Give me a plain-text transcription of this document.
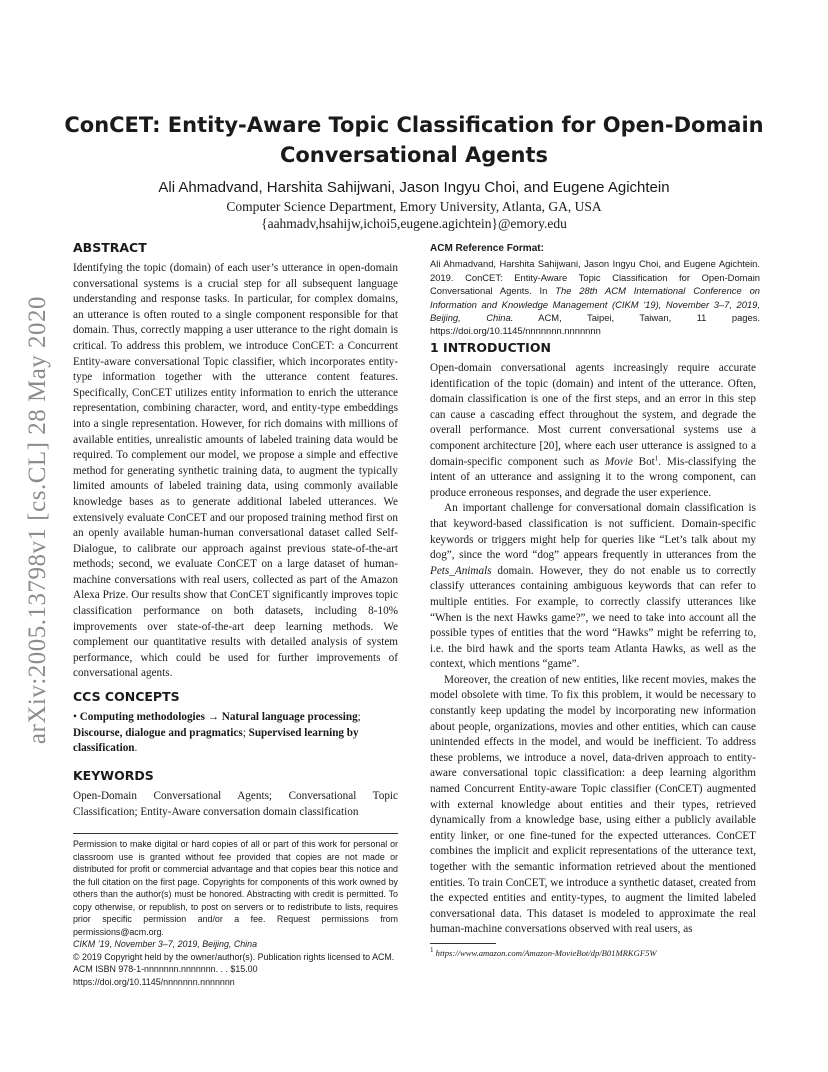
arXiv:2005.13798v1 [cs.CL] 28 May 2020
ConCET: Entity-Aware Topic Classification for Open-Domain
Conversational Agents
Ali Ahmadvand, Harshita Sahijwani, Jason Ingyu Choi, and Eugene Agichtein
Computer Science Department, Emory University, Atlanta, GA, USA
{aahmadv,hsahijw,ichoi5,eugene.agichtein}@emory.edu
ABSTRACT

Identifying the topic (domain) of each user’s utterance in open-domain conversational systems is a crucial step for all subsequent language understanding and response tasks. In particular, for complex domains, an utterance is often routed to a single component responsible for that domain. Thus, correctly mapping a user utterance to the right domain is critical. To address this problem, we introduce ConCET: a Concurrent Entity-aware conversational Topic classifier, which incorporates entity-type information together with the utterance content features. Specifically, ConCET utilizes entity information to enrich the utterance representation, combining character, word, and entity-type embeddings into a single representation. However, for rich domains with millions of available entities, unrealistic amounts of labeled training data would be required. To complement our model, we propose a simple and effective method for generating synthetic training data, to augment the typically limited amounts of labeled training data, using commonly available knowledge bases as to generate additional labeled utterances. We extensively evaluate ConCET and our proposed training method first on an openly available human-human conversational dataset called Self-Dialogue, to calibrate our approach against previous state-of-the-art methods; second, we evaluate ConCET on a large dataset of human-machine conversations with real users, collected as part of the Amazon Alexa Prize. Our results show that ConCET significantly improves topic classification performance on both datasets, including 8-10% improvements over state-of-the-art deep learning methods. We complement our quantitative results with detailed analysis of system performance, which could be used for further improvements of conversational agents.

CCS CONCEPTS

• Computing methodologies → Natural language processing; Discourse, dialogue and pragmatics; Supervised learning by classification.

KEYWORDS

Open-Domain Conversational Agents; Conversational Topic Classification; Entity-Aware conversation domain classification

Permission to make digital or hard copies of all or part of this work for personal or classroom use is granted without fee provided that copies are not made or distributed for profit or commercial advantage and that copies bear this notice and the full citation on the first page. Copyrights for components of this work owned by others than the author(s) must be honored. Abstracting with credit is permitted. To copy otherwise, or republish, to post on servers or to redistribute to lists, requires prior specific permission and/or a fee. Request permissions from permissions@acm.org.

CIKM ’19, November 3–7, 2019, Beijing, China

© 2019 Copyright held by the owner/author(s). Publication rights licensed to ACM.

ACM ISBN 978-1-nnnnnnn.nnnnnnn. . . $15.00

https://doi.org/10.1145/nnnnnnn.nnnnnnn

ACM Reference Format:

Ali Ahmadvand, Harshita Sahijwani, Jason Ingyu Choi, and Eugene Agichtein. 2019. ConCET: Entity-Aware Topic Classification for Open-Domain Conversational Agents. In The 28th ACM International Conference on Information and Knowledge Management (CIKM ’19), November 3–7, 2019, Beijing, China. ACM, Taipei, Taiwan, 11 pages. https://doi.org/10.1145/nnnnnnn.nnnnnnn

1 INTRODUCTION

Open-domain conversational agents increasingly require accurate identification of the topic (domain) and intent of the utterance. Often, domain classification is one of the first steps, and an error in this step can cause a cascading effect throughout the system, and degrade the overall performance. Most current conversational systems use a component architecture [20], where each user utterance is assigned to a domain-specific component such as Movie Bot$^1$. Mis-classifying the intent of an utterance and assigning it to the wrong component, can produce erroneous responses, and degrade the user experience.

An important challenge for conversational domain classification is that keyword-based classification is not sufficient. Domain-specific keywords or triggers might help for queries like “Let’s talk about my dog”, since the word “dog” appears frequently in utterances from the Pets_Animals domain. However, they do not enable us to correctly classify utterances containing ambiguous keywords that can refer to multiple entities. For example, to correctly classify utterances like “When is the next Hawks game?”, we need to take into account all the possible types of entities that the word “Hawks” might be referring to, i.e. the bird hawk and the sports team Atlanta Hawks, as well as the context, which mentions “game”.

Moreover, the creation of new entities, like recent movies, makes the model obsolete with time. To fix this problem, it would be necessary to constantly keep updating the model by incorporating new information about people, organizations, movies and other entities, which can cause unintended effects in the model, and would be inefficient. To address these problems, we introduce a novel, data-driven approach to entity-aware conversational topic classification: a deep learning algorithm named Concurrent Entity-aware Topic classifier (ConCET) augmented with external knowledge about entities and their types, retrieved dynamically from a knowledge base, using either a publicly available entity linker, or one fine-tuned for the expected utterances. ConCET combines the implicit and explicit representations of the utterance text, together with the semantic information retrieved about the mentioned entities. To train ConCET, we introduce a synthetic dataset, created from the expected entities and entity-types, to augment the limited labeled conversational data. This dataset is modeled to approximate the real human-machine conversations observed with real users, as

$^1$ https://www.amazon.com/Amazon-MovieBot/dp/B01MRKGF5W
